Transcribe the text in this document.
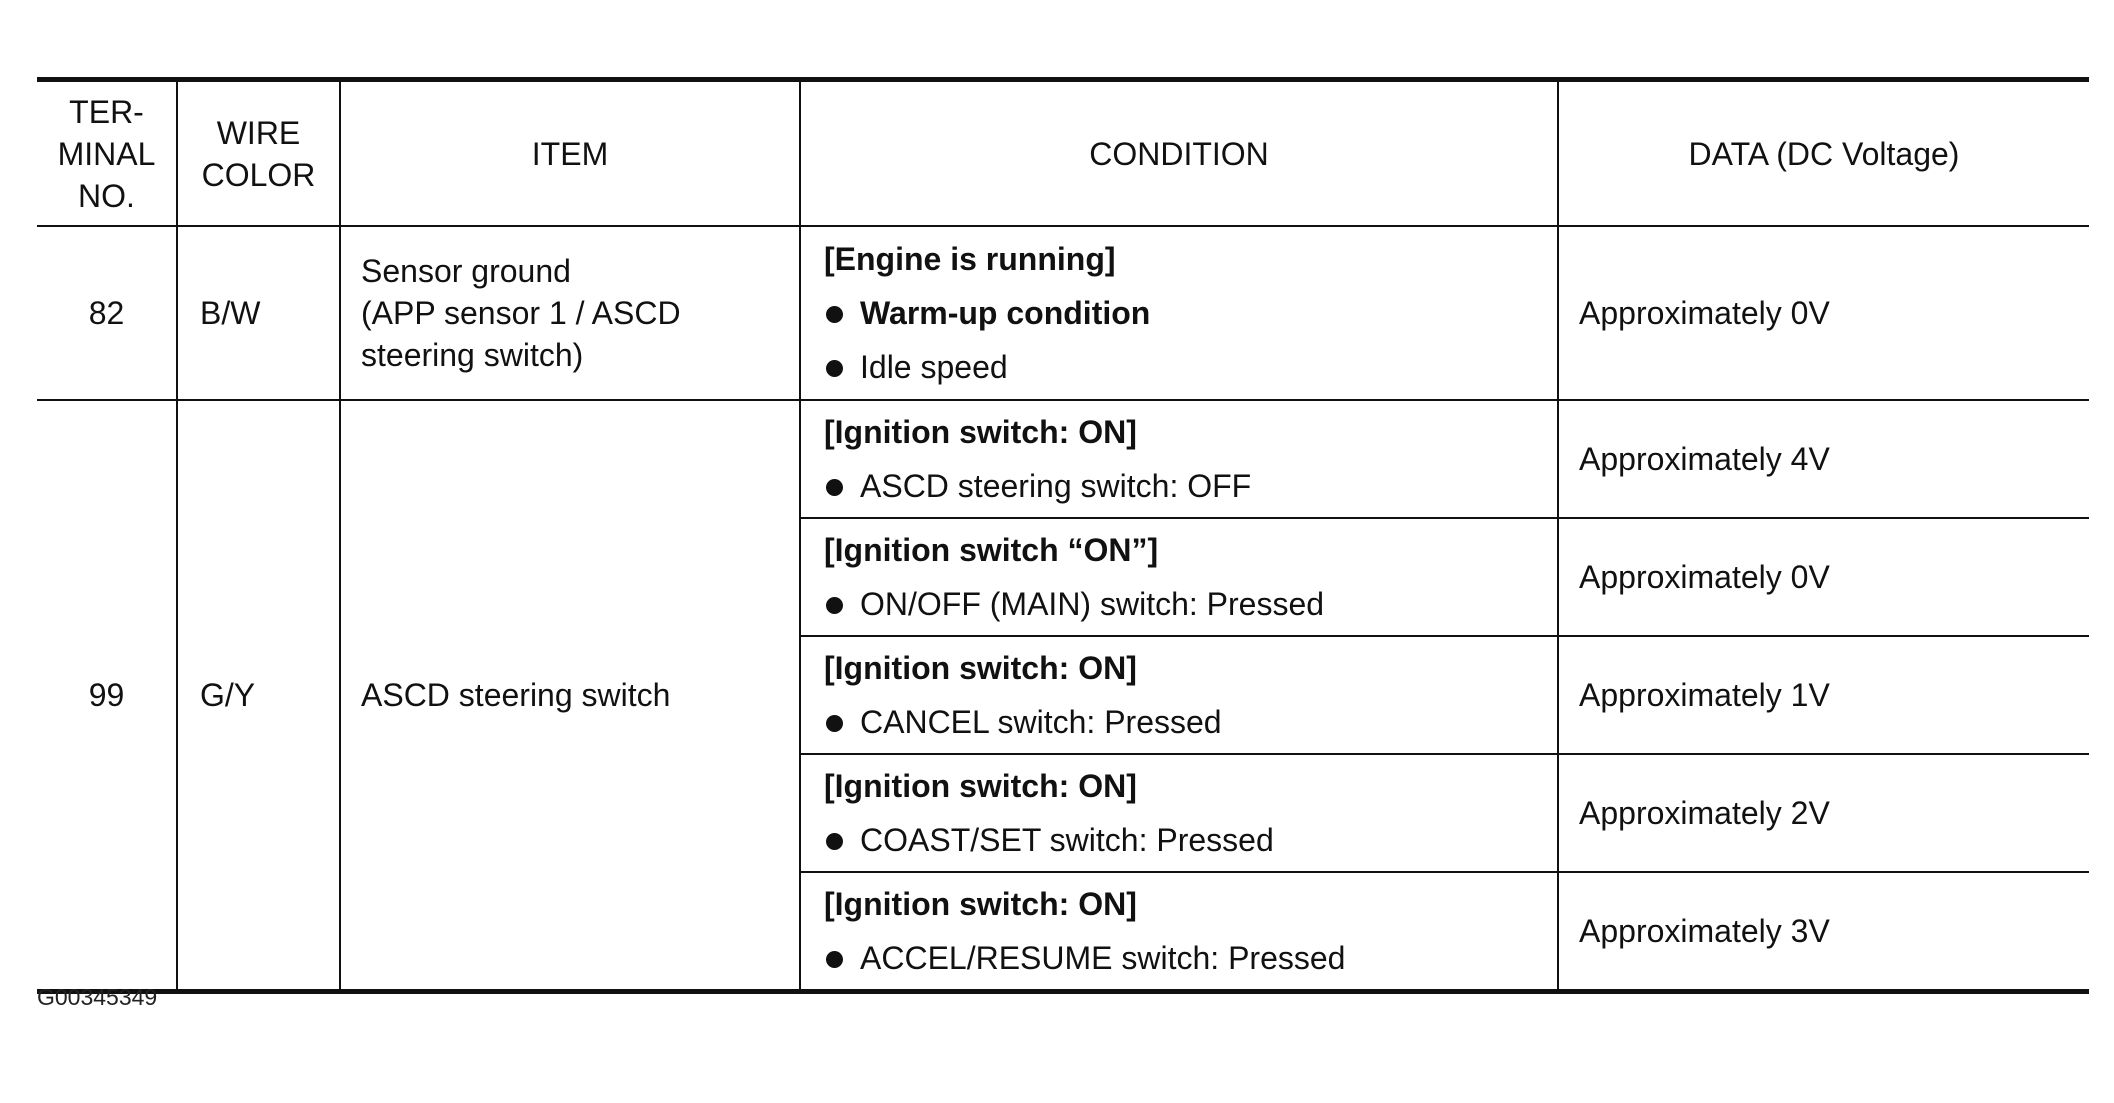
TER-
MINAL
NO.	WIRE
COLOR	ITEM	CONDITION	DATA (DC Voltage)
82	B/W	Sensor ground
(APP sensor 1 / ASCD
steering switch)	[Engine is running]
Warm-up condition
Idle speed	Approximately 0V
99	G/Y	ASCD steering switch	[Ignition switch: ON]
ASCD steering switch: OFF	Approximately 4V

			[Ignition switch “ON”]
ON/OFF (MAIN) switch: Pressed	Approximately 0V

			[Ignition switch: ON]
CANCEL switch: Pressed	Approximately 1V

			[Ignition switch: ON]
COAST/SET switch: Pressed	Approximately 2V

			[Ignition switch: ON]
ACCEL/RESUME switch: Pressed	Approximately 3V
G00345349
